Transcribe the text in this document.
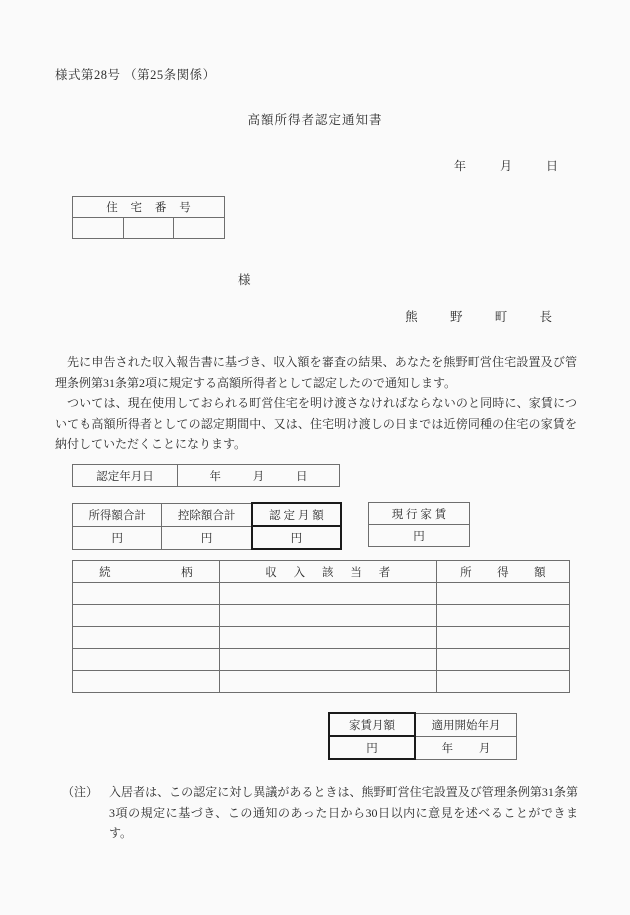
様式第28号 （第25条関係）
高額所得者認定通知書
年	月	日
住 宅 番 号

様
熊	野	町	長

先に申告された収入報告書に基づき、収入額を審査の結果、あなたを熊野町営住宅設置及び管理条例第31条第2項に規定する高額所得者として認定したので通知します。

ついては、現在使用しておられる町営住宅を明け渡さなければならないのと同時に、家賃についても高額所得者としての認定期間中、又は、住宅明け渡しの日までは近傍同種の住宅の家賃を納付していただくことになります。

認定年月日	年	月	日
所得額合計	控除額合計	認 定 月 額
円	円	円
現 行 家 賃
円
続　　　柄	収 入 該 当 者	所　得　額

家賃月額	適用開始年月
円	年 月
（注） 入居者は、この認定に対し異議があるときは、熊野町営住宅設置及び管理条例第31条第3項の規定に基づき、この通知のあった日から30日以内に意見を述べることができます。
